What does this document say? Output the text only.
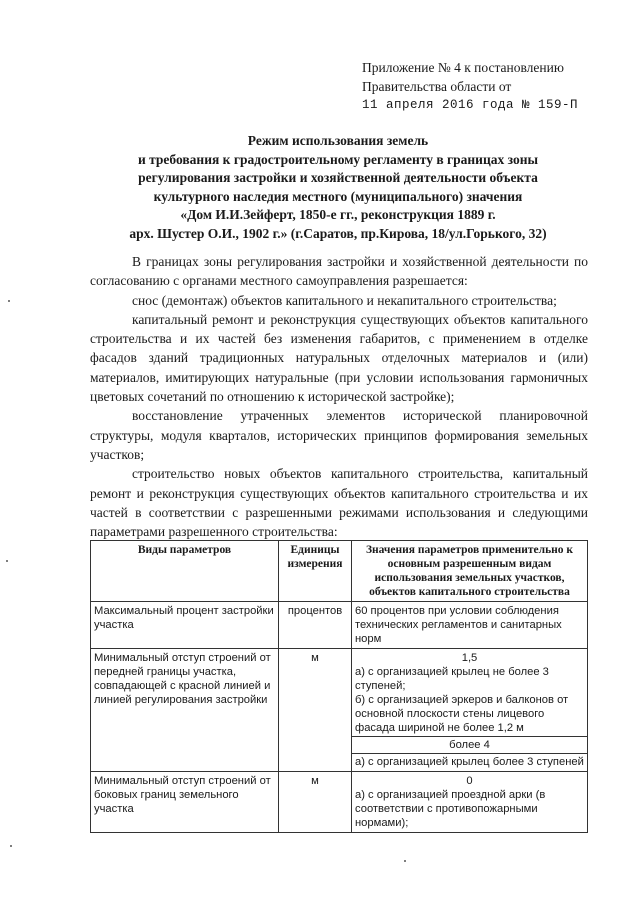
Приложение № 4 к постановлению
Правительства области от
11 апреля 2016 года № 159-П
Режим использования земель
и требования к градостроительному регламенту в границах зоны
регулирования застройки и хозяйственной деятельности объекта
культурного наследия местного (муниципального) значения
«Дом И.И.Зейферт, 1850-е гг., реконструкция 1889 г.
арх. Шустер О.И., 1902 г.» (г.Саратов, пр.Кирова, 18/ул.Горького, 32)

В границах зоны регулирования застройки и хозяйственной деятельности по согласованию с органами местного самоуправления разрешается:

снос (демонтаж) объектов капитального и некапитального строительства;

капитальный ремонт и реконструкция существующих объектов капитального строительства и их частей без изменения габаритов, с применением в отделке фасадов зданий традиционных натуральных отделочных материалов и (или) материалов, имитирующих натуральные (при условии использования гармоничных цветовых сочетаний по отношению к исторической застройке);

восстановление утраченных элементов исторической планировочной структуры, модуля кварталов, исторических принципов формирования земельных участков;

строительство новых объектов капитального строительства, капитальный ремонт и реконструкция существующих объектов капитального строительства и их частей в соответствии с разрешенными режимами использования и следующими параметрами разрешенного строительства:

Виды параметров	Единицы измерения	Значения параметров применительно к основным разрешенным видам использования земельных участков, объектов капитального строительства
Максимальный процент застройки участка	процентов	60 процентов при условии соблюдения технических регламентов и санитарных норм
Минимальный отступ строений от передней границы участка, совпадающей с красной линией и линией регулирования застройки	м	1,5
а) с организацией крылец не более 3 ступеней;
б) с организацией эркеров и балконов от основной плоскости стены лицевого фасада шириной не более 1,2 м
более 4
а) с организацией крылец более 3 ступеней

Минимальный отступ строений от боковых границ земельного участка	м	0
а) с организацией проездной арки (в соответствии с противопожарными нормами);
